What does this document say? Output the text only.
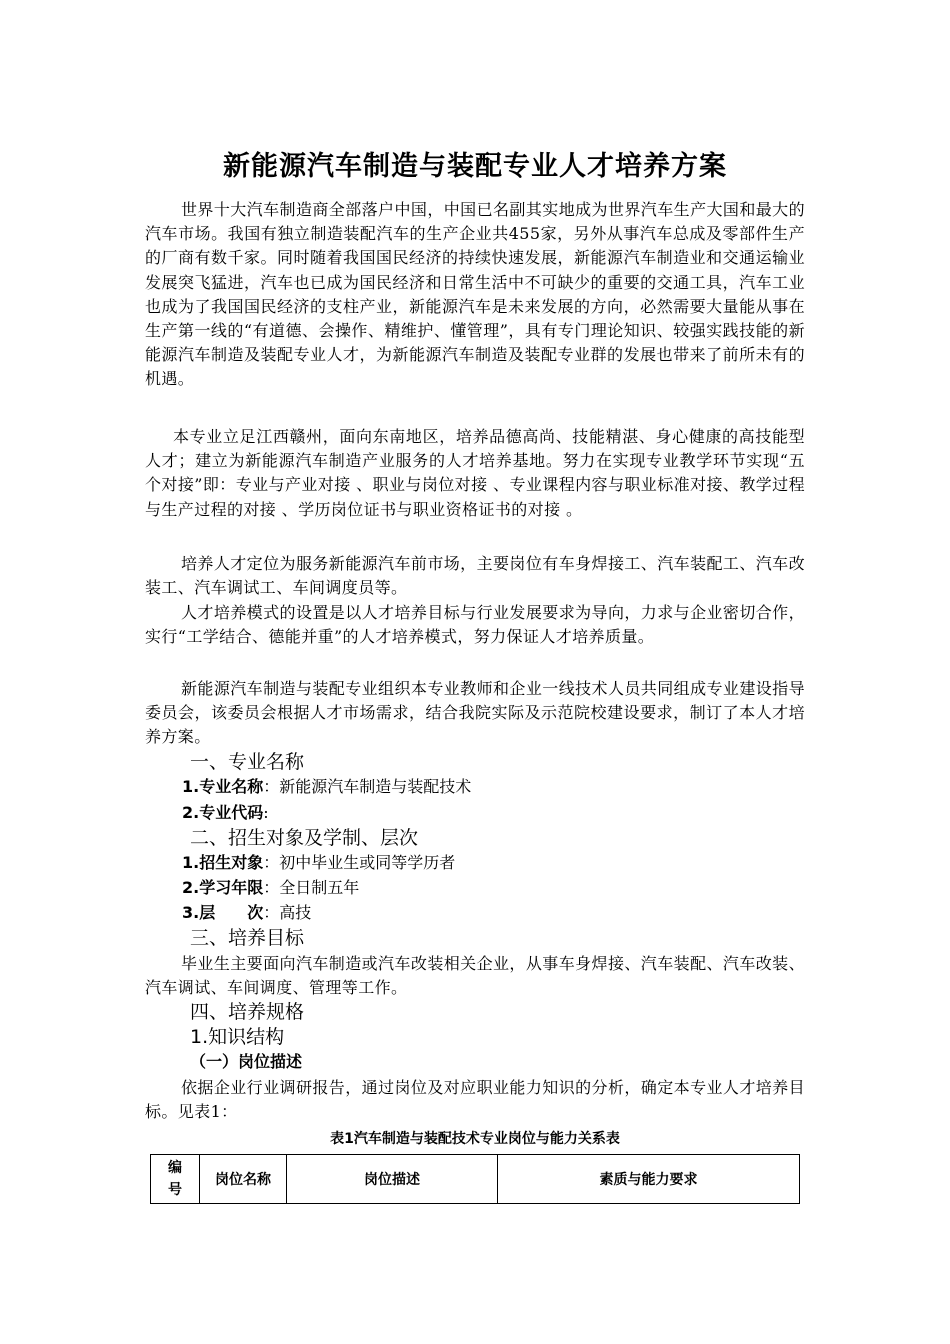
新能源汽车制造与装配专业人才培养方案
世界十大汽车制造商全部落户中国，中国已名副其实地成为世界汽车生产大国和最大的汽车市场。我国有独立制造装配汽车的生产企业共455家，另外从事汽车总成及零部件生产的厂商有数千家。同时随着我国国民经济的持续快速发展，新能源汽车制造业和交通运输业发展突飞猛进，汽车也已成为国民经济和日常生活中不可缺少的重要的交通工具，汽车工业也成为了我国国民经济的支柱产业，新能源汽车是未来发展的方向，必然需要大量能从事在生产第一线的“有道德、会操作、精维护、懂管理”，具有专门理论知识、较强实践技能的新能源汽车制造及装配专业人才，为新能源汽车制造及装配专业群的发展也带来了前所未有的机遇。
本专业立足江西赣州，面向东南地区，培养品德高尚、技能精湛、身心健康的高技能型人才；建立为新能源汽车制造产业服务的人才培养基地。努力在实现专业教学环节实现“五个对接”即：专业与产业对接 、职业与岗位对接 、专业课程内容与职业标准对接、教学过程与生产过程的对接 、学历岗位证书与职业资格证书的对接 。
培养人才定位为服务新能源汽车前市场，主要岗位有车身焊接工、汽车装配工、汽车改装工、汽车调试工、车间调度员等。
人才培养模式的设置是以人才培养目标与行业发展要求为导向，力求与企业密切合作，实行“工学结合、德能并重”的人才培养模式，努力保证人才培养质量。
新能源汽车制造与装配专业组织本专业教师和企业一线技术人员共同组成专业建设指导委员会，该委员会根据人才市场需求，结合我院实际及示范院校建设要求，制订了本人才培养方案。
一、专业名称
1.专业名称：新能源汽车制造与装配技术
2.专业代码:
二、招生对象及学制、层次
1.招生对象：初中毕业生或同等学历者
2.学习年限：全日制五年
3.层　　次：高技
三、培养目标
毕业生主要面向汽车制造或汽车改装相关企业，从事车身焊接、汽车装配、汽车改装、汽车调试、车间调度、管理等工作。
四、培养规格
1.知识结构
（一）岗位描述
依据企业行业调研报告，通过岗位及对应职业能力知识的分析，确定本专业人才培养目标。见表1：
表1汽车制造与装配技术专业岗位与能力关系表
编号	岗位名称	岗位描述	素质与能力要求
